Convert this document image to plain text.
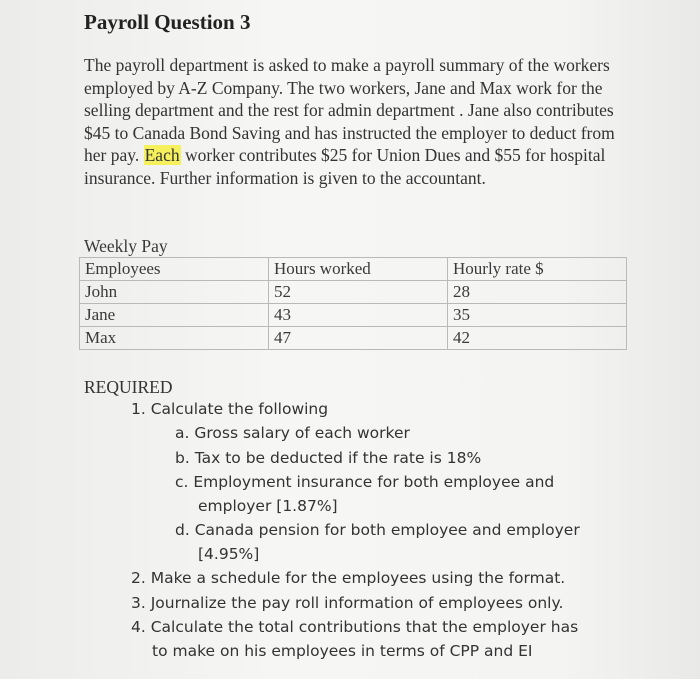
Payroll Question 3
The payroll department is asked to make a payroll summary of the workers employed by A-Z Company. The two workers, Jane and Max work for the selling department and the rest for admin department . Jane also contributes $45 to Canada Bond Saving and has instructed the employer to deduct from her pay. Each worker contributes $25 for Union Dues and $55 for hospital insurance. Further information is given to the accountant.
Weekly Pay
Employees	Hours worked	Hourly rate $
John	52	28
Jane	43	35
Max	47	42
REQUIRED
1. Calculate the following
a. Gross salary of each worker
b. Tax to be deducted if the rate is 18%
c. Employment insurance for both employee and
employer [1.87%]
d. Canada pension for both employee and employer
[4.95%]
2. Make a schedule for the employees using the format.
3. Journalize the pay roll information of employees only.
4. Calculate the total contributions that the employer has
to make on his employees in terms of CPP and EI
